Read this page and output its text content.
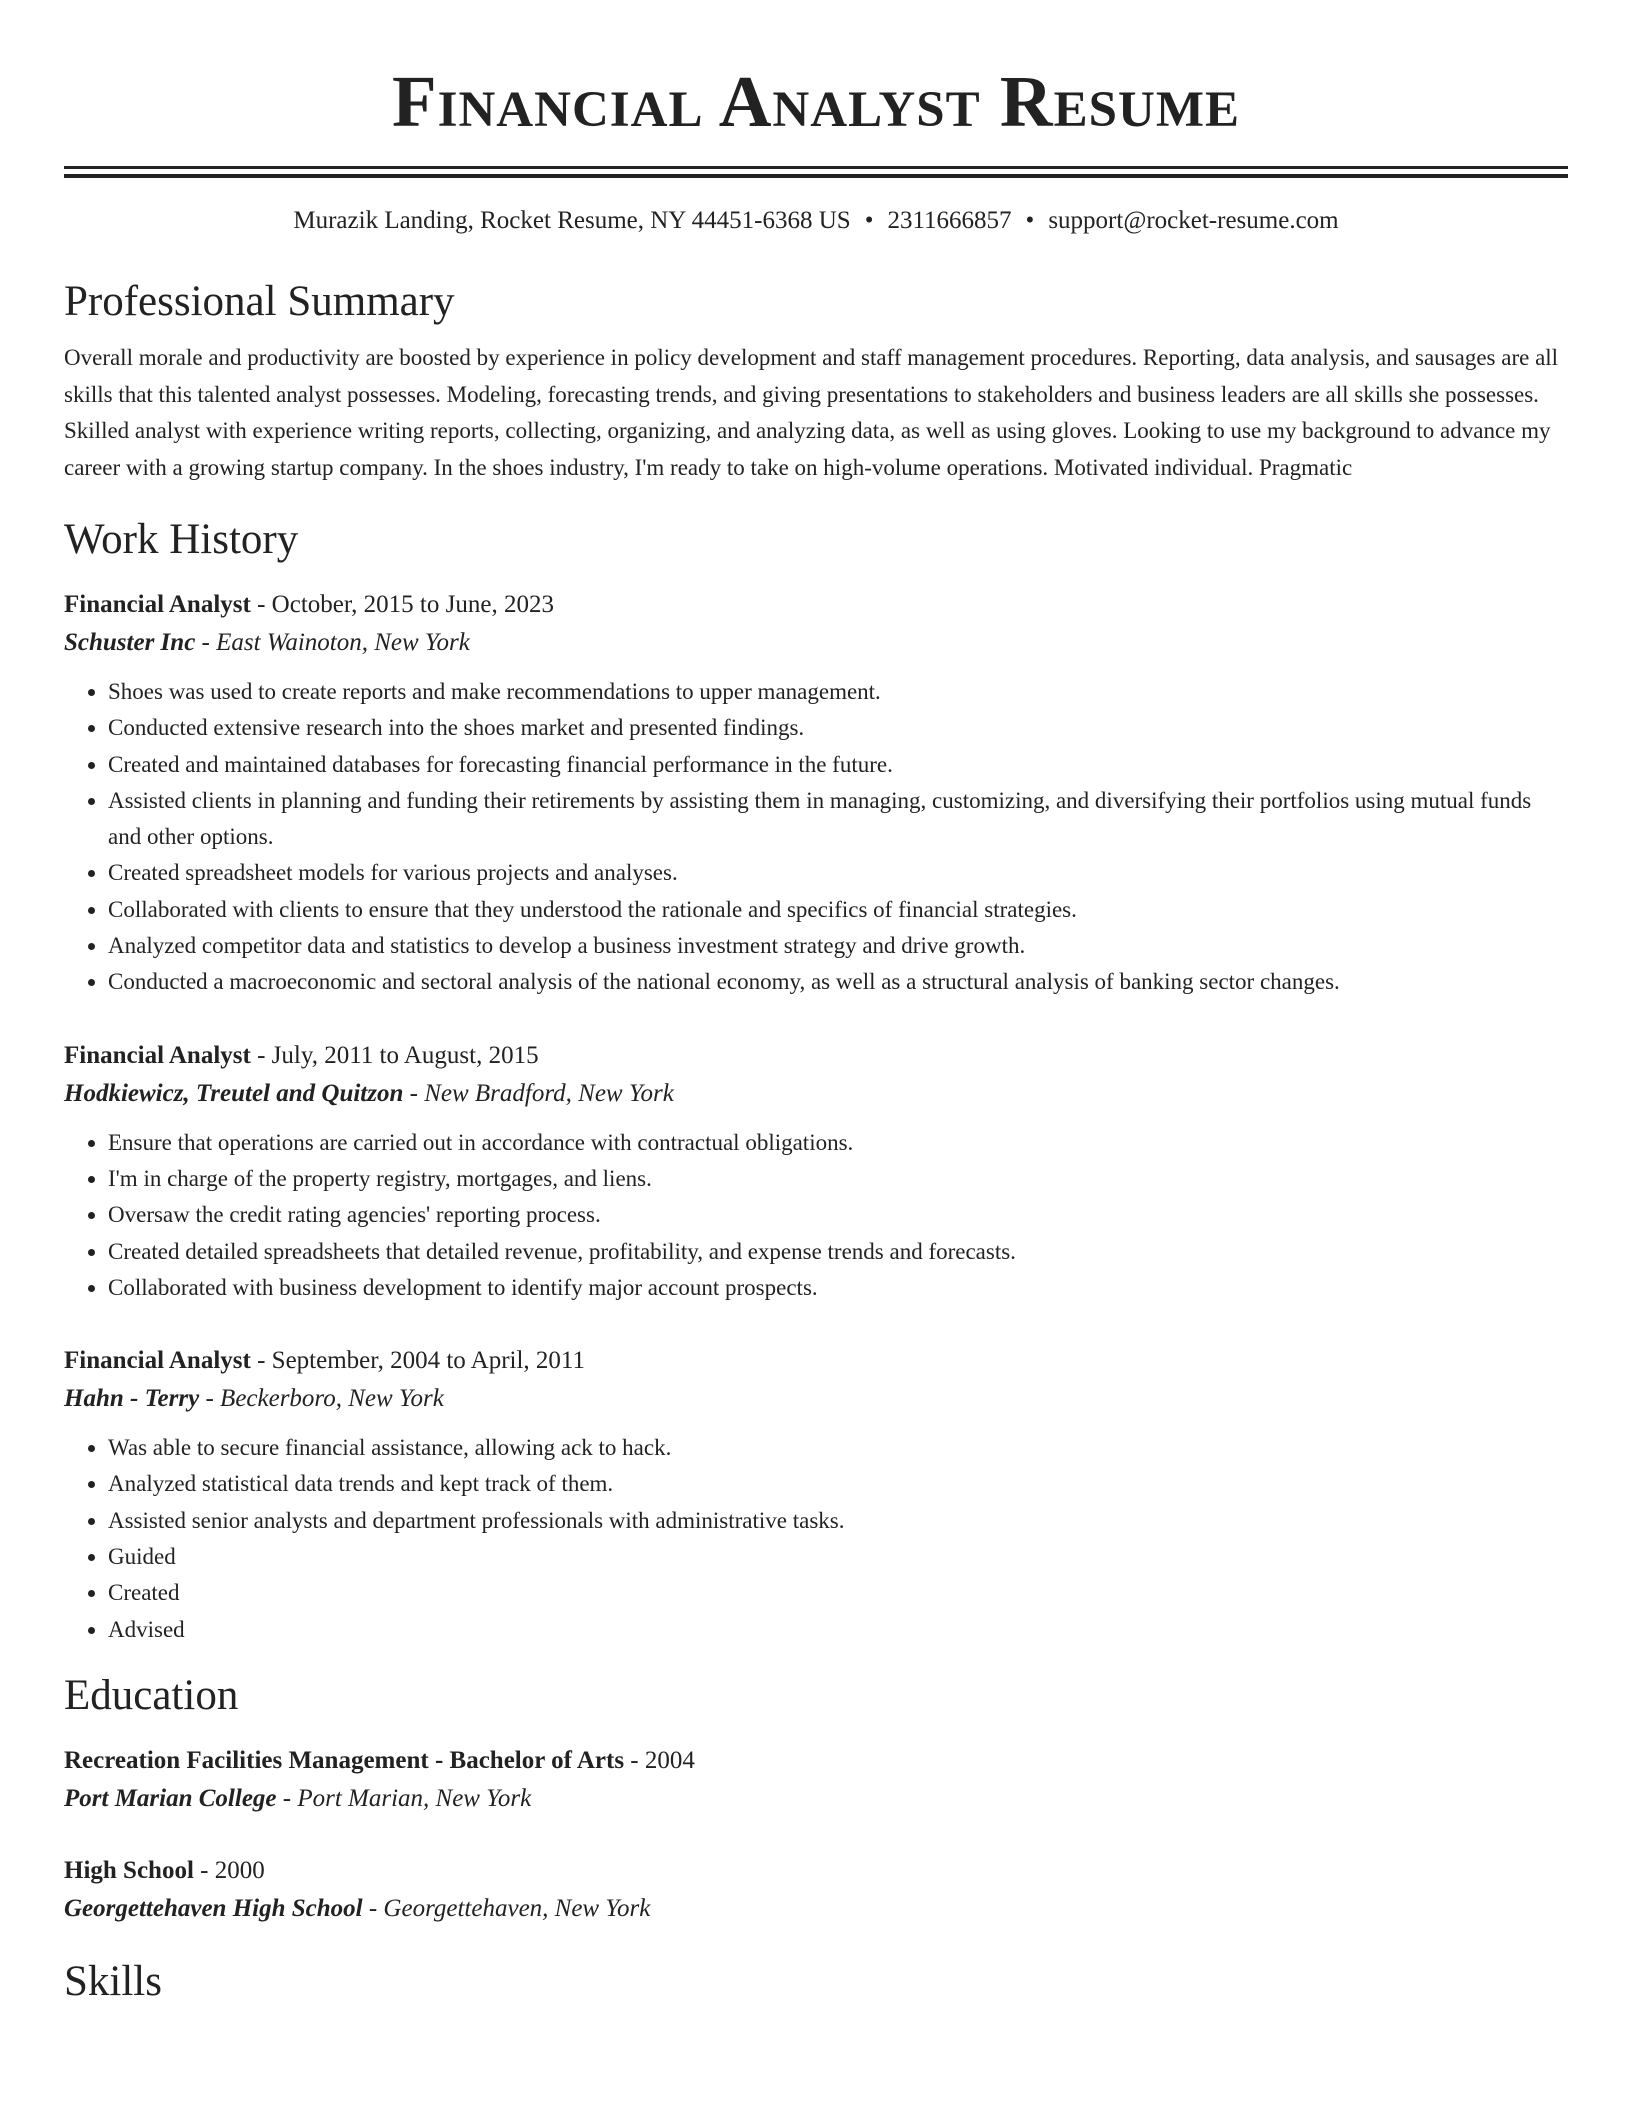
Financial Analyst Resume
Murazik Landing, Rocket Resume, NY 44451-6368 US • 2311666857 • support@rocket-resume.com
Professional Summary

Overall morale and productivity are boosted by experience in policy development and staff management procedures. Reporting, data analysis, and sausages are all skills that this talented analyst possesses. Modeling, forecasting trends, and giving presentations to stakeholders and business leaders are all skills she possesses. Skilled analyst with experience writing reports, collecting, organizing, and analyzing data, as well as using gloves. Looking to use my background to advance my career with a growing startup company. In the shoes industry, I'm ready to take on high-volume operations. Motivated individual. Pragmatic

Work History
Financial Analyst - October, 2015 to June, 2023
Schuster Inc - East Wainoton, New York
• Shoes was used to create reports and make recommendations to upper management.
• Conducted extensive research into the shoes market and presented findings.
• Created and maintained databases for forecasting financial performance in the future.
• Assisted clients in planning and funding their retirements by assisting them in managing, customizing, and diversifying their portfolios using mutual funds and other options.
• Created spreadsheet models for various projects and analyses.
• Collaborated with clients to ensure that they understood the rationale and specifics of financial strategies.
• Analyzed competitor data and statistics to develop a business investment strategy and drive growth.
• Conducted a macroeconomic and sectoral analysis of the national economy, as well as a structural analysis of banking sector changes.
Financial Analyst - July, 2011 to August, 2015
Hodkiewicz, Treutel and Quitzon - New Bradford, New York
• Ensure that operations are carried out in accordance with contractual obligations.
• I'm in charge of the property registry, mortgages, and liens.
• Oversaw the credit rating agencies' reporting process.
• Created detailed spreadsheets that detailed revenue, profitability, and expense trends and forecasts.
• Collaborated with business development to identify major account prospects.
Financial Analyst - September, 2004 to April, 2011
Hahn - Terry - Beckerboro, New York
• Was able to secure financial assistance, allowing ack to hack.
• Analyzed statistical data trends and kept track of them.
• Assisted senior analysts and department professionals with administrative tasks.
• Guided
• Created
• Advised
Education
Recreation Facilities Management - Bachelor of Arts - 2004
Port Marian College - Port Marian, New York
High School - 2000
Georgettehaven High School - Georgettehaven, New York
Skills
